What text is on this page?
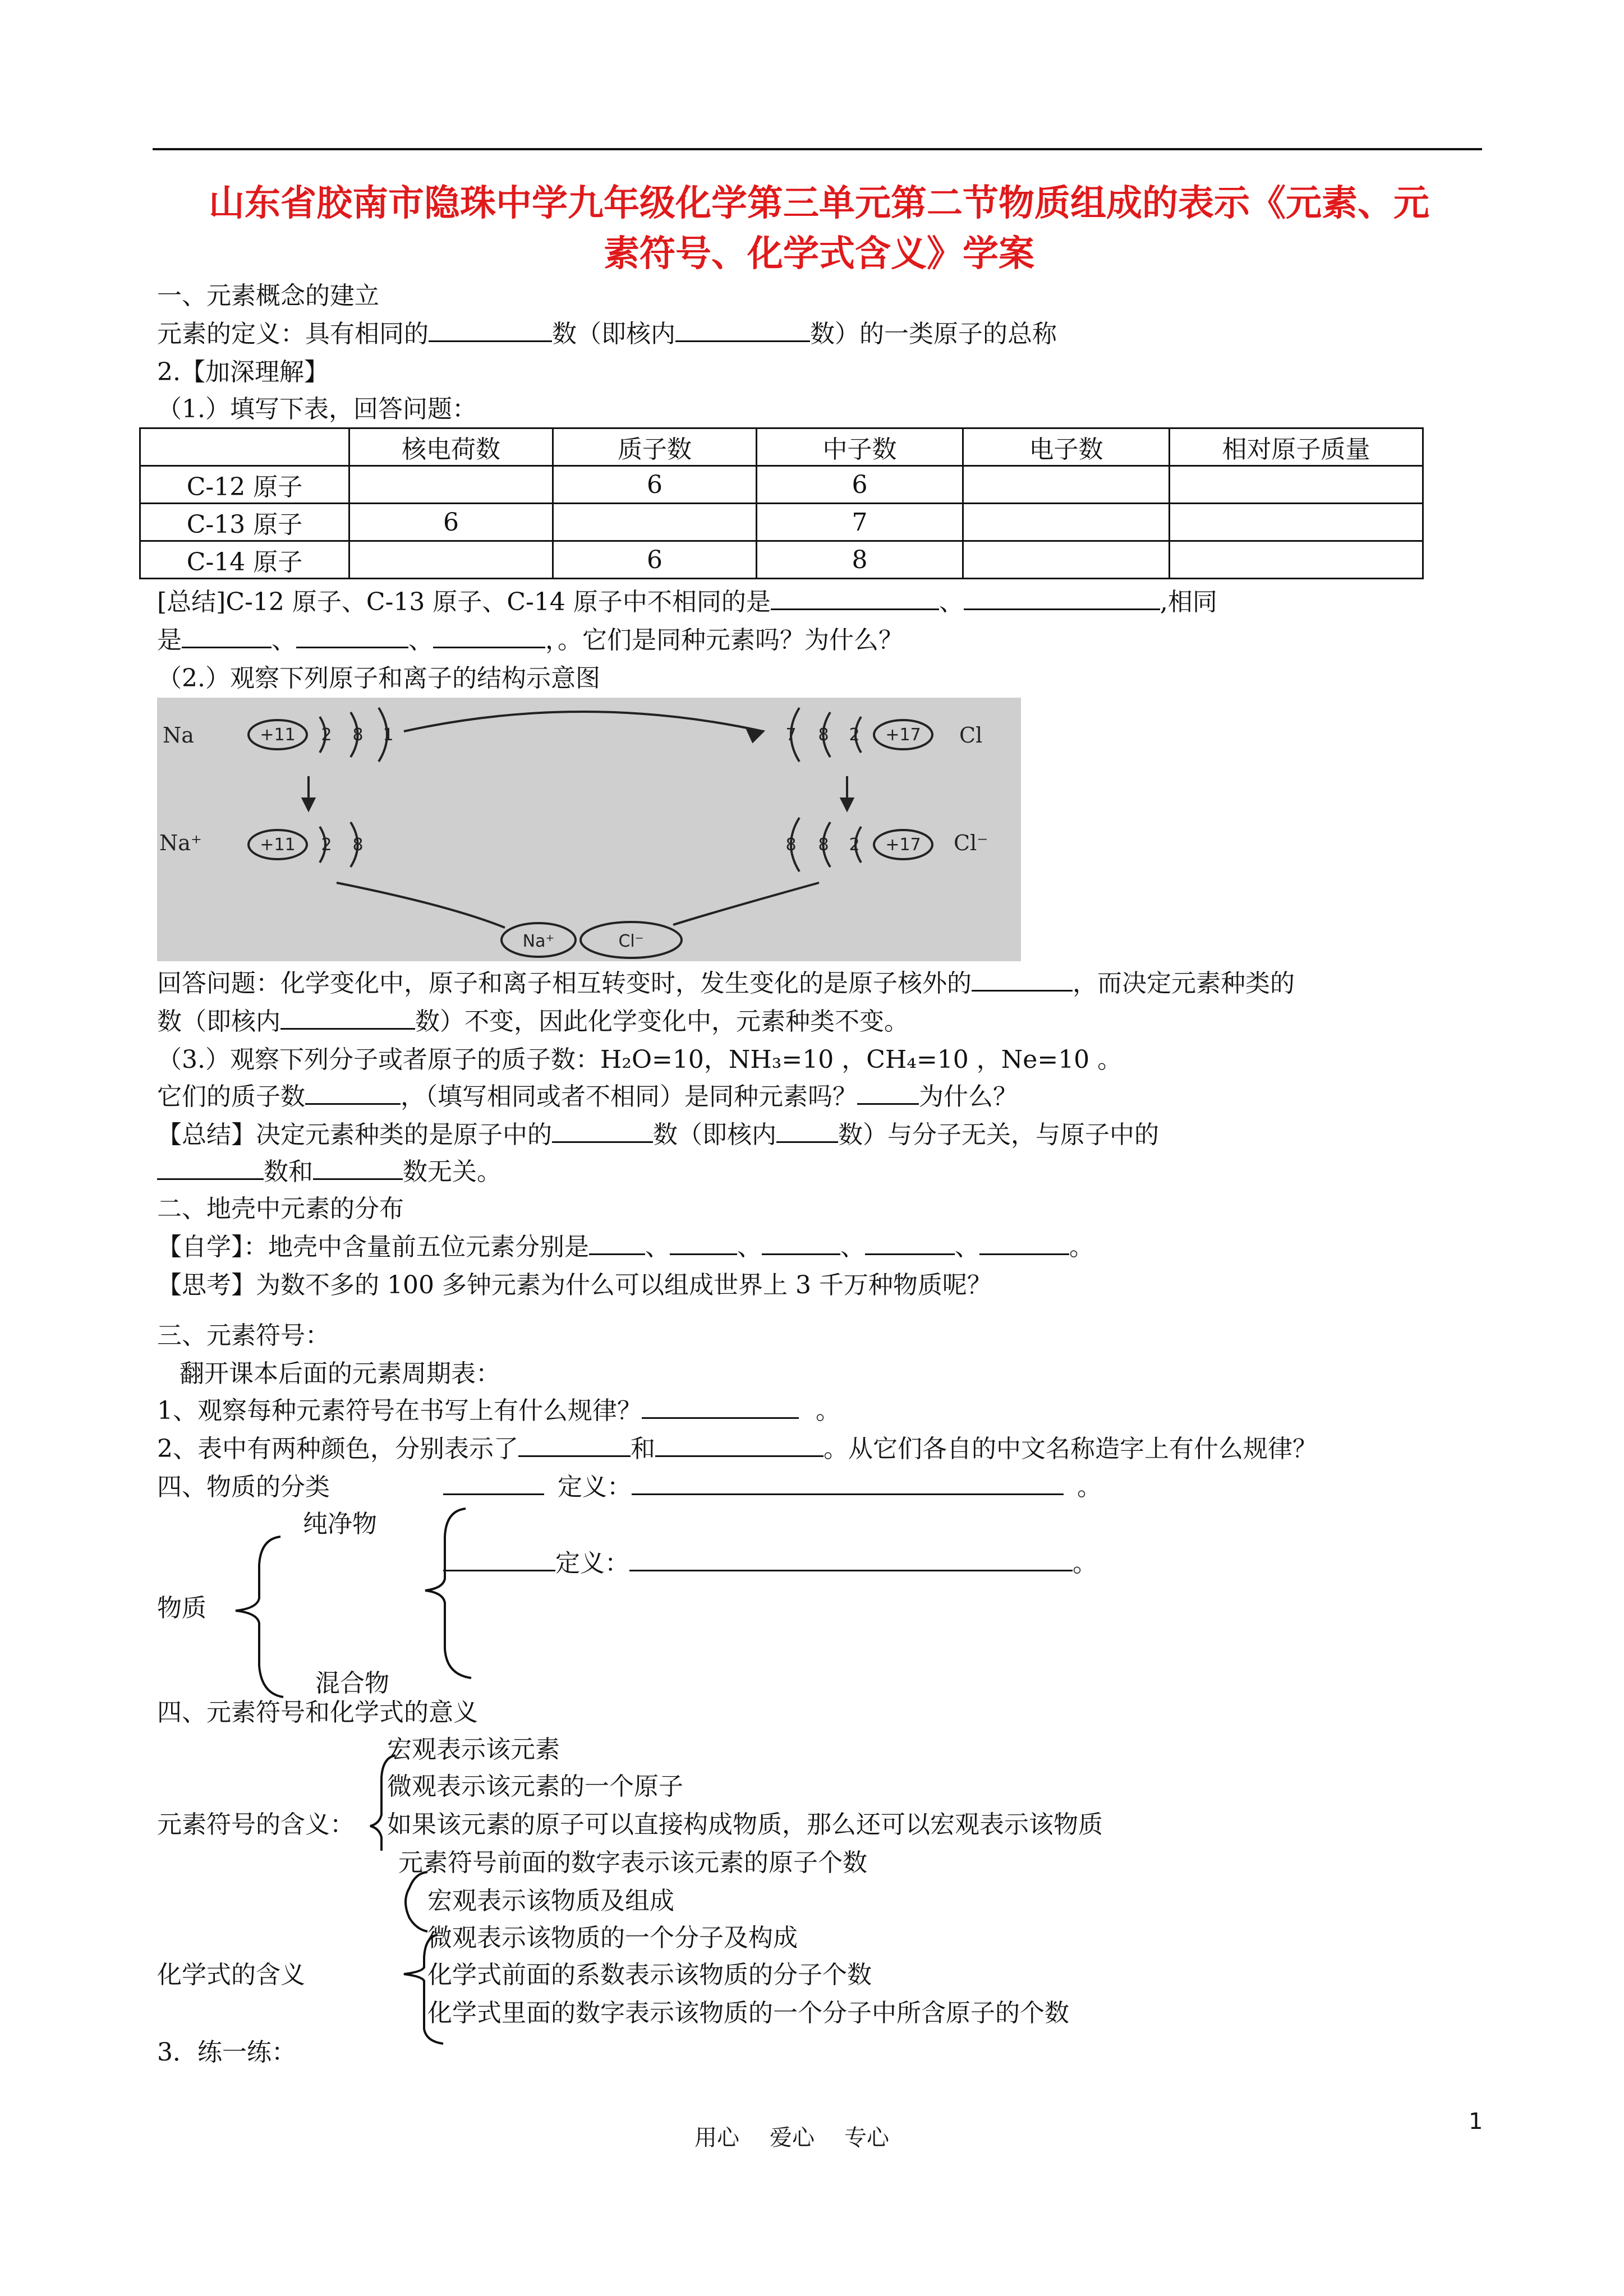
山东省胶南市隐珠中学九年级化学第三单元第二节物质组成的表示《元素、元
素符号、化学式含义》学案
一、元素概念的建立
元素的定义：具有相同的	数（即核内	数）的一类原子的总称
2.【加深理解】
（1.）填写下表，回答问题：
	核电荷数	质子数	中子数	电子数	相对原子质量
C-12 原子		6	6		
C-13 原子	6		7		
C-14 原子		6	8		
[总结]C-12 原子、C-13 原子、C-14 原子中不相同的是	、	,相同
是	、	、	，。它们是同种元素吗？为什么？
（2.）观察下列原子和离子的结构示意图
Na	Cl
Na⁺	Cl⁻
+11	+17
+11	+17
2 8 1
2 8
7 8 2
8 8 2
Na⁺	Cl⁻
回答问题：化学变化中，原子和离子相互转变时，发生变化的是原子核外的	，而决定元素种类的
数（即核内	数）不变，因此化学变化中，元素种类不变。
（3.）观察下列分子或者原子的质子数：H₂O=10，NH₃=10 ，CH₄=10 ，Ne=10 。
它们的质子数	，（填写相同或者不相同）是同种元素吗？	为什么？
【总结】决定元素种类的是原子中的	数（即核内	数）与分子无关，与原子中的
数和	数无关。
二、地壳中元素的分布
【自学】：地壳中含量前五位元素分别是 、	、	、	、	。
【思考】为数不多的 100 多钟元素为什么可以组成世界上 3 千万种物质呢？
三、元素符号：
翻开课本后面的元素周期表：
1、观察每种元素符号在书写上有什么规律？	。
2、表中有两种颜色，分别表示了	和	。从它们各自的中文名称造字上有什么规律？
四、物质的分类	定义：	。
纯净物
定义：	。
物质
混合物
四、元素符号和化学式的意义
宏观表示该元素
微观表示该元素的一个原子
元素符号的含义： 如果该元素的原子可以直接构成物质，那么还可以宏观表示该物质
元素符号前面的数字表示该元素的原子个数
宏观表示该物质及组成
微观表示该物质的一个分子及构成
化学式的含义	化学式前面的系数表示该物质的分子个数
化学式里面的数字表示该物质的一个分子中所含原子的个数
3．练一练：
用心 爱心 专心
1
